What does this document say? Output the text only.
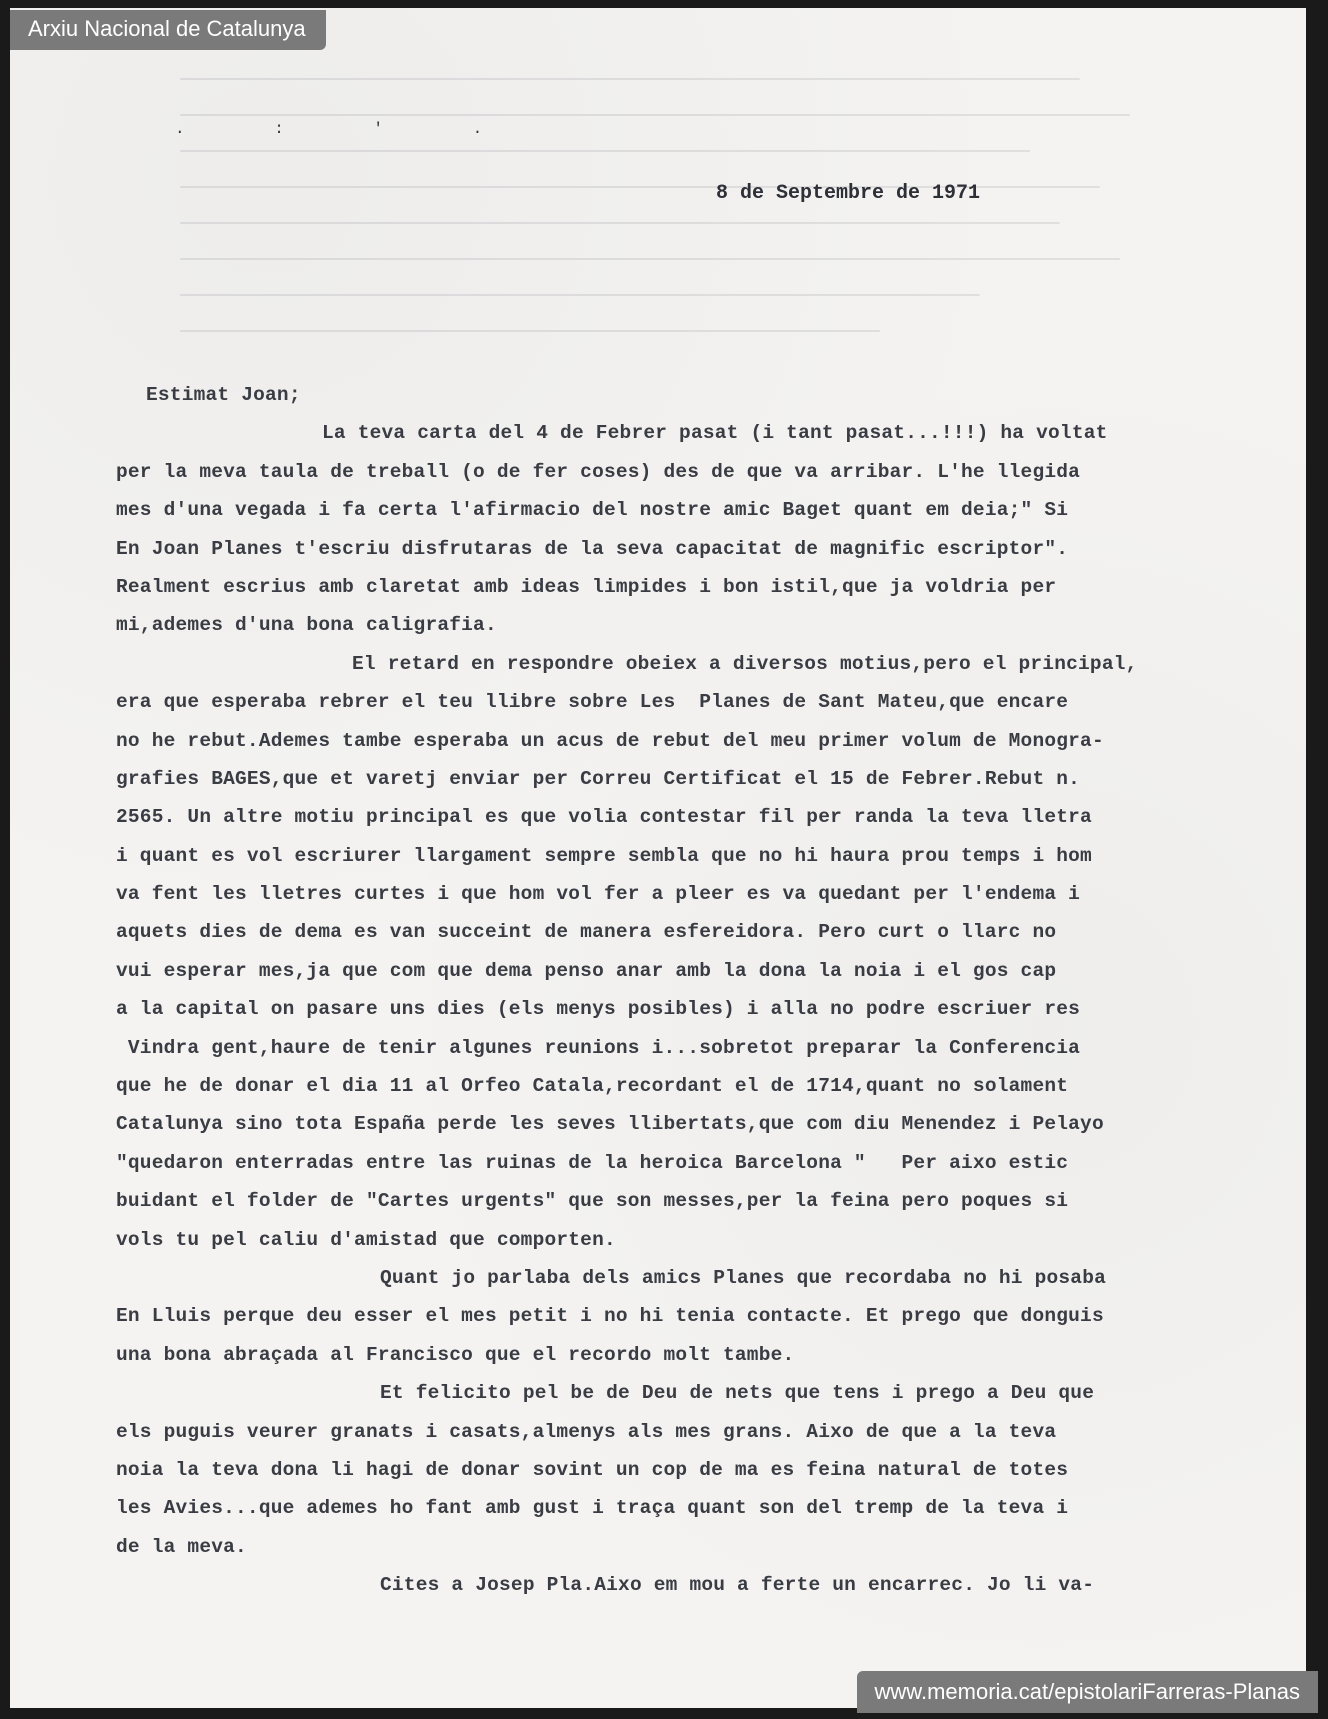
. : ' .
8 de Septembre de 1971
Estimat Joan;
La teva carta del 4 de Febrer pasat (i tant pasat...!!!) ha voltat
per la meva taula de treball (o de fer coses) des de que va arribar. L'he llegida
mes d'una vegada i fa certa l'afirmacio del nostre amic Baget quant em deia;" Si
En Joan Planes t'escriu disfrutaras de la seva capacitat de magnific escriptor".
Realment escrius amb claretat amb ideas limpides i bon istil,que ja voldria per
mi,ademes d'una bona caligrafia.
El retard en respondre obeiex a diversos motius,pero el principal,
era que esperaba rebrer el teu llibre sobre Les  Planes de Sant Mateu,que encare
no he rebut.Ademes tambe esperaba un acus de rebut del meu primer volum de Monogra-
grafies BAGES,que et varetj enviar per Correu Certificat el 15 de Febrer.Rebut n.
2565. Un altre motiu principal es que volia contestar fil per randa la teva lletra
i quant es vol escriurer llargament sempre sembla que no hi haura prou temps i hom
va fent les lletres curtes i que hom vol fer a pleer es va quedant per l'endema i
aquets dies de dema es van succeint de manera esfereidora. Pero curt o llarc no
vui esperar mes,ja que com que dema penso anar amb la dona la noia i el gos cap
a la capital on pasare uns dies (els menys posibles) i alla no podre escriuer res
Vindra gent,haure de tenir algunes reunions i...sobretot preparar la Conferencia
que he de donar el dia 11 al Orfeo Catala,recordant el de 1714,quant no solament
Catalunya sino tota España perde les seves llibertats,que com diu Menendez i Pelayo
"quedaron enterradas entre las ruinas de la heroica Barcelona "   Per aixo estic
buidant el folder de "Cartes urgents" que son messes,per la feina pero poques si
vols tu pel caliu d'amistad que comporten.
Quant jo parlaba dels amics Planes que recordaba no hi posaba
En Lluis perque deu esser el mes petit i no hi tenia contacte. Et prego que donguis
una bona abraçada al Francisco que el recordo molt tambe.
Et felicito pel be de Deu de nets que tens i prego a Deu que
els puguis veurer granats i casats,almenys als mes grans. Aixo de que a la teva
noia la teva dona li hagi de donar sovint un cop de ma es feina natural de totes
les Avies...que ademes ho fant amb gust i traça quant son del tremp de la teva i
de la meva.
Cites a Josep Pla.Aixo em mou a ferte un encarrec. Jo li va-
Arxiu Nacional de Catalunya
www.memoria.cat/epistolariFarreras-Planas
